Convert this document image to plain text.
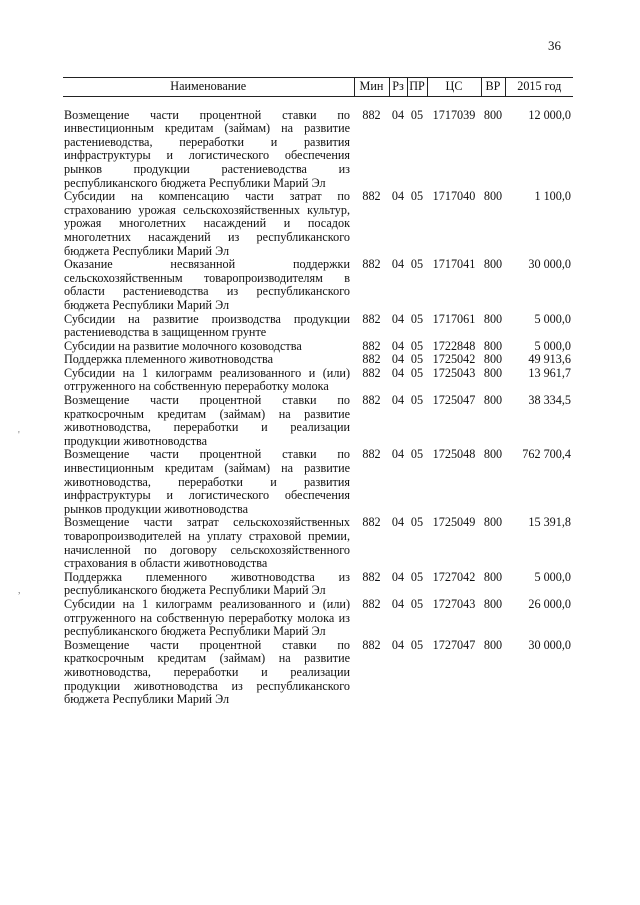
36
'
,
Наименование	Мин	Рз	ПР	ЦС	ВР	2015 год
Возмещение части процентной ставки по инвестиционным кредитам (займам) на развитие растениеводства, переработки и развития инфраструктуры и логистического обеспечения рынков продукции растениеводства из республиканского бюджета Республики Марий Эл	882	04	05	1717039	800	12 000,0
Субсидии на компенсацию части затрат по страхованию урожая сельскохозяйственных культур, урожая многолетних насаждений и посадок многолетних насаждений из республиканского бюджета Республики Марий Эл	882	04	05	1717040	800	1 100,0
Оказание несвязанной поддержки сельскохозяйственным товаропроизводителям в области растениеводства из республиканского бюджета Республики Марий Эл	882	04	05	1717041	800	30 000,0
Субсидии на развитие производства продукции растениеводства в защищенном грунте	882	04	05	1717061	800	5 000,0
Субсидии на развитие молочного козоводства	882	04	05	1722848	800	5 000,0
Поддержка племенного животноводства	882	04	05	1725042	800	49 913,6
Субсидии на 1 килограмм реализованного и (или) отгруженного на собственную переработку молока	882	04	05	1725043	800	13 961,7
Возмещение части процентной ставки по краткосрочным кредитам (займам) на развитие животноводства, переработки и реализации продукции животноводства	882	04	05	1725047	800	38 334,5
Возмещение части процентной ставки по инвестиционным кредитам (займам) на развитие животноводства, переработки и развития инфраструктуры и логистического обеспечения рынков продукции животноводства	882	04	05	1725048	800	762 700,4
Возмещение части затрат сельскохозяйственных товаропроизводителей на уплату страховой премии, начисленной по договору сельскохозяйственного страхования в области животноводства	882	04	05	1725049	800	15 391,8
Поддержка племенного животноводства из республиканского бюджета Республики Марий Эл	882	04	05	1727042	800	5 000,0
Субсидии на 1 килограмм реализованного и (или) отгруженного на собственную переработку молока из республиканского бюджета Республики Марий Эл	882	04	05	1727043	800	26 000,0
Возмещение части процентной ставки по краткосрочным кредитам (займам) на развитие животноводства, переработки и реализации продукции животноводства из республиканского бюджета Республики Марий Эл	882	04	05	1727047	800	30 000,0
